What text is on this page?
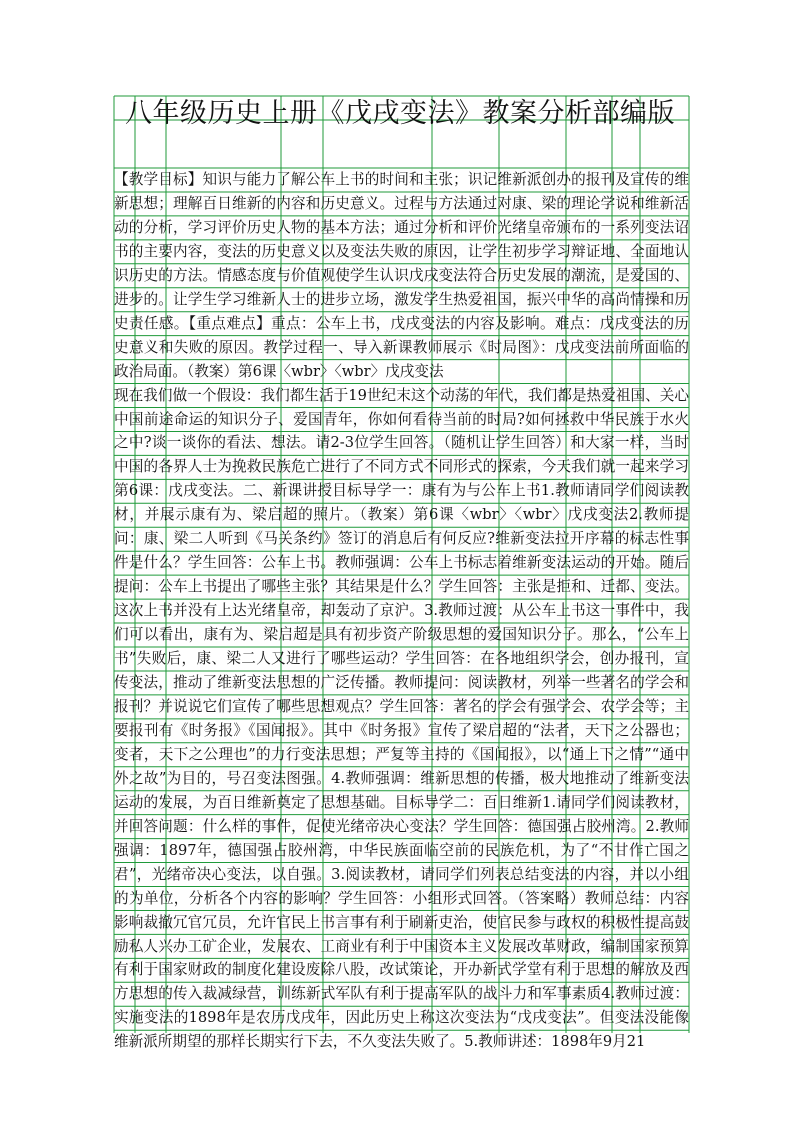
八年级历史上册《戊戌变法》教案分析部编版
【教学目标】知识与能力了解公车上书的时间和主张；识记维新派创办的报刊及宣传的维新思想；理解百日维新的内容和历史意义。过程与方法通过对康、梁的理论学说和维新活动的分析，学习评价历史人物的基本方法；通过分析和评价光绪皇帝颁布的一系列变法诏书的主要内容，变法的历史意义以及变法失败的原因，让学生初步学习辩证地、全面地认识历史的方法。情感态度与价值观使学生认识戊戌变法符合历史发展的潮流，是爱国的、进步的。让学生学习维新人士的进步立场，激发学生热爱祖国，振兴中华的高尚情操和历史责任感。【重点难点】重点：公车上书，戊戌变法的内容及影响。难点：戊戌变法的历史意义和失败的原因。教学过程一、导入新课教师展示《时局图》：戊戌变法前所面临的政治局面。（教案）第6课〈wbr〉〈wbr〉戊戌变法
现在我们做一个假设：我们都生活于19世纪末这个动荡的年代，我们都是热爱祖国、关心中国前途命运的知识分子、爱国青年，你如何看待当前的时局?如何拯救中华民族于水火之中?谈一谈你的看法、想法。请2-3位学生回答。（随机让学生回答）和大家一样，当时中国的各界人士为挽救民族危亡进行了不同方式不同形式的探索，今天我们就一起来学习第6课：戊戌变法。二、新课讲授目标导学一：康有为与公车上书1.教师请同学们阅读教材，并展示康有为、梁启超的照片。（教案）第6课〈wbr〉〈wbr〉戊戌变法2.教师提问：康、梁二人听到《马关条约》签订的消息后有何反应?维新变法拉开序幕的标志性事件是什么？学生回答：公车上书。教师强调：公车上书标志着维新变法运动的开始。随后提问：公车上书提出了哪些主张？其结果是什么？学生回答：主张是拒和、迁都、变法。这次上书并没有上达光绪皇帝，却轰动了京沪。3.教师过渡：从公车上书这一事件中，我们可以看出，康有为、梁启超是具有初步资产阶级思想的爱国知识分子。那么，“公车上书”失败后，康、梁二人又进行了哪些运动？学生回答：在各地组织学会，创办报刊，宣传变法，推动了维新变法思想的广泛传播。教师提问：阅读教材，列举一些著名的学会和报刊？并说说它们宣传了哪些思想观点？学生回答：著名的学会有强学会、农学会等；主要报刊有《时务报》《国闻报》。其中《时务报》宣传了梁启超的“法者，天下之公器也；变者，天下之公理也”的力行变法思想；严复等主持的《国闻报》，以“通上下之情”“通中外之故”为目的，号召变法图强。4.教师强调：维新思想的传播，极大地推动了维新变法运动的发展，为百日维新奠定了思想基础。目标导学二：百日维新1.请同学们阅读教材，并回答问题：什么样的事件，促使光绪帝决心变法？学生回答：德国强占胶州湾。2.教师强调：1897年，德国强占胶州湾，中华民族面临空前的民族危机，为了“不甘作亡国之君”，光绪帝决心变法，以自强。3.阅读教材，请同学们列表总结变法的内容，并以小组的为单位，分析各个内容的影响？学生回答：小组形式回答。（答案略）教师总结：内容影响裁撤冗官冗员，允许官民上书言事有利于刷新吏治，使官民参与政权的积极性提高鼓励私人兴办工矿企业，发展农、工商业有利于中国资本主义发展改革财政，编制国家预算有利于国家财政的制度化建设废除八股，改试策论，开办新式学堂有利于思想的解放及西方思想的传入裁减绿营，训练新式军队有利于提高军队的战斗力和军事素质4.教师过渡：实施变法的1898年是农历戊戌年，因此历史上称这次变法为“戊戌变法”。但变法没能像维新派所期望的那样长期实行下去，不久变法失败了。5.教师讲述：1898年9月21
